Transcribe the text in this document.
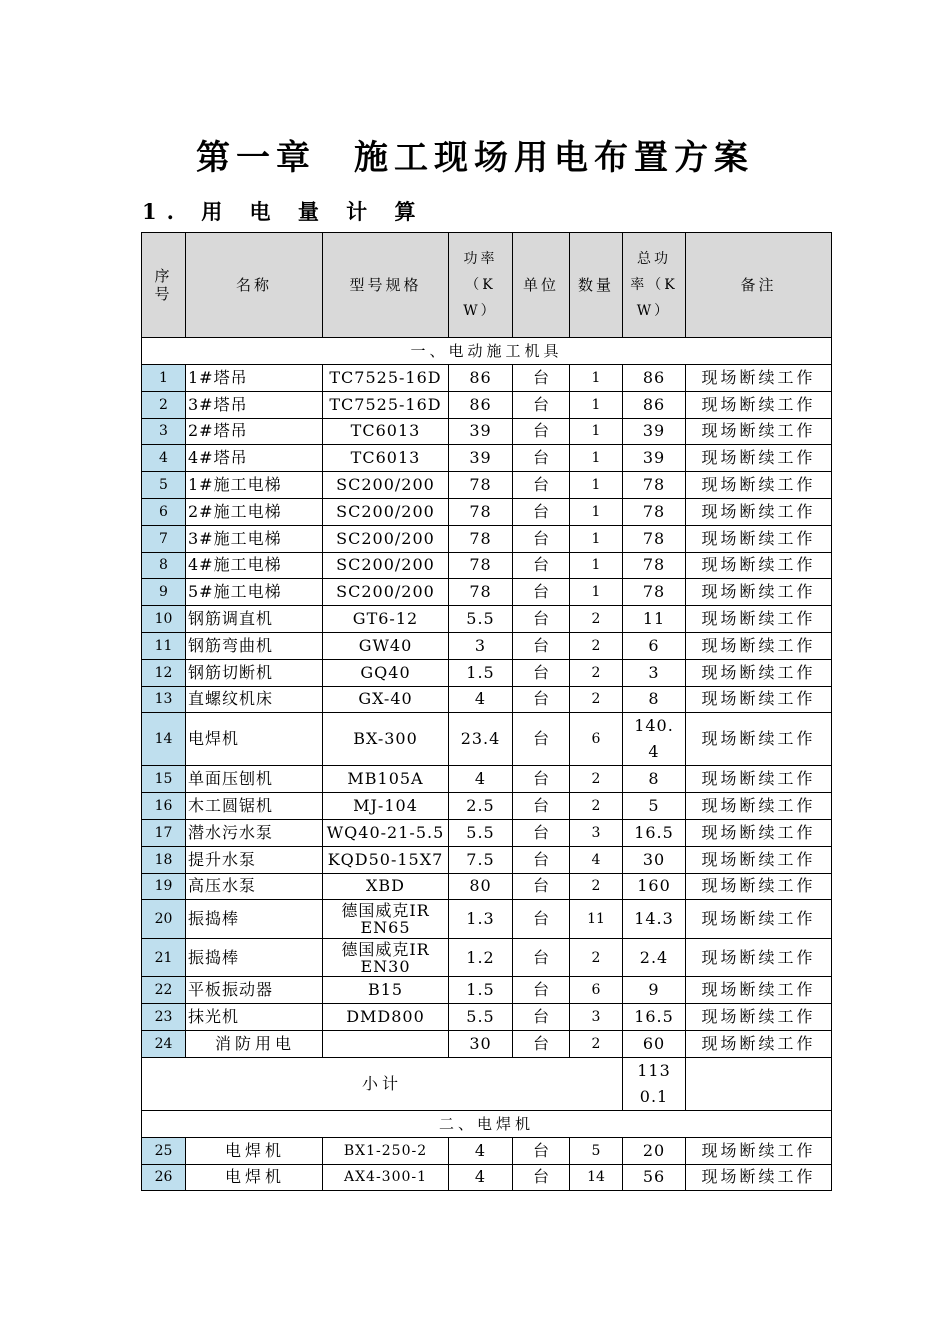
第一章 施工现场用电布置方案
1. 用 电 量 计 算
序号	名称	型号规格	功率（KW）	单位	数量	总功率（KW）	备注
一、电动施工机具							
1	1#塔吊	TC7525-16D	86	台	1	86	现场断续工作
2	3#塔吊	TC7525-16D	86	台	1	86	现场断续工作
3	2#塔吊	TC6013	39	台	1	39	现场断续工作
4	4#塔吊	TC6013	39	台	1	39	现场断续工作
5	1#施工电梯	SC200/200	78	台	1	78	现场断续工作
6	2#施工电梯	SC200/200	78	台	1	78	现场断续工作
7	3#施工电梯	SC200/200	78	台	1	78	现场断续工作
8	4#施工电梯	SC200/200	78	台	1	78	现场断续工作
9	5#施工电梯	SC200/200	78	台	1	78	现场断续工作
10	钢筋调直机	GT6-12	5.5	台	2	11	现场断续工作
11	钢筋弯曲机	GW40	3	台	2	6	现场断续工作
12	钢筋切断机	GQ40	1.5	台	2	3	现场断续工作
13	直螺纹机床	GX-40	4	台	2	8	现场断续工作
14	电焊机	BX-300	23.4	台	6	140.4	现场断续工作
15	单面压刨机	MB105A	4	台	2	8	现场断续工作
16	木工圆锯机	MJ-104	2.5	台	2	5	现场断续工作
17	潜水污水泵	WQ40-21-5.5	5.5	台	3	16.5	现场断续工作
18	提升水泵	KQD50-15X7	7.5	台	4	30	现场断续工作
19	高压水泵	XBD	80	台	2	160	现场断续工作
20	振捣棒	德国威克IREN65	1.3	台	11	14.3	现场断续工作
21	振捣棒	德国威克IREN30	1.2	台	2	2.4	现场断续工作
22	平板振动器	B15	1.5	台	6	9	现场断续工作
23	抹光机	DMD800	5.5	台	3	16.5	现场断续工作
24	消防用电		30	台	2	60	现场断续工作
小计						1130.1	
二、电焊机							
25	电焊机	BX1-250-2	4	台	5	20	现场断续工作
26	电焊机	AX4-300-1	4	台	14	56	现场断续工作
